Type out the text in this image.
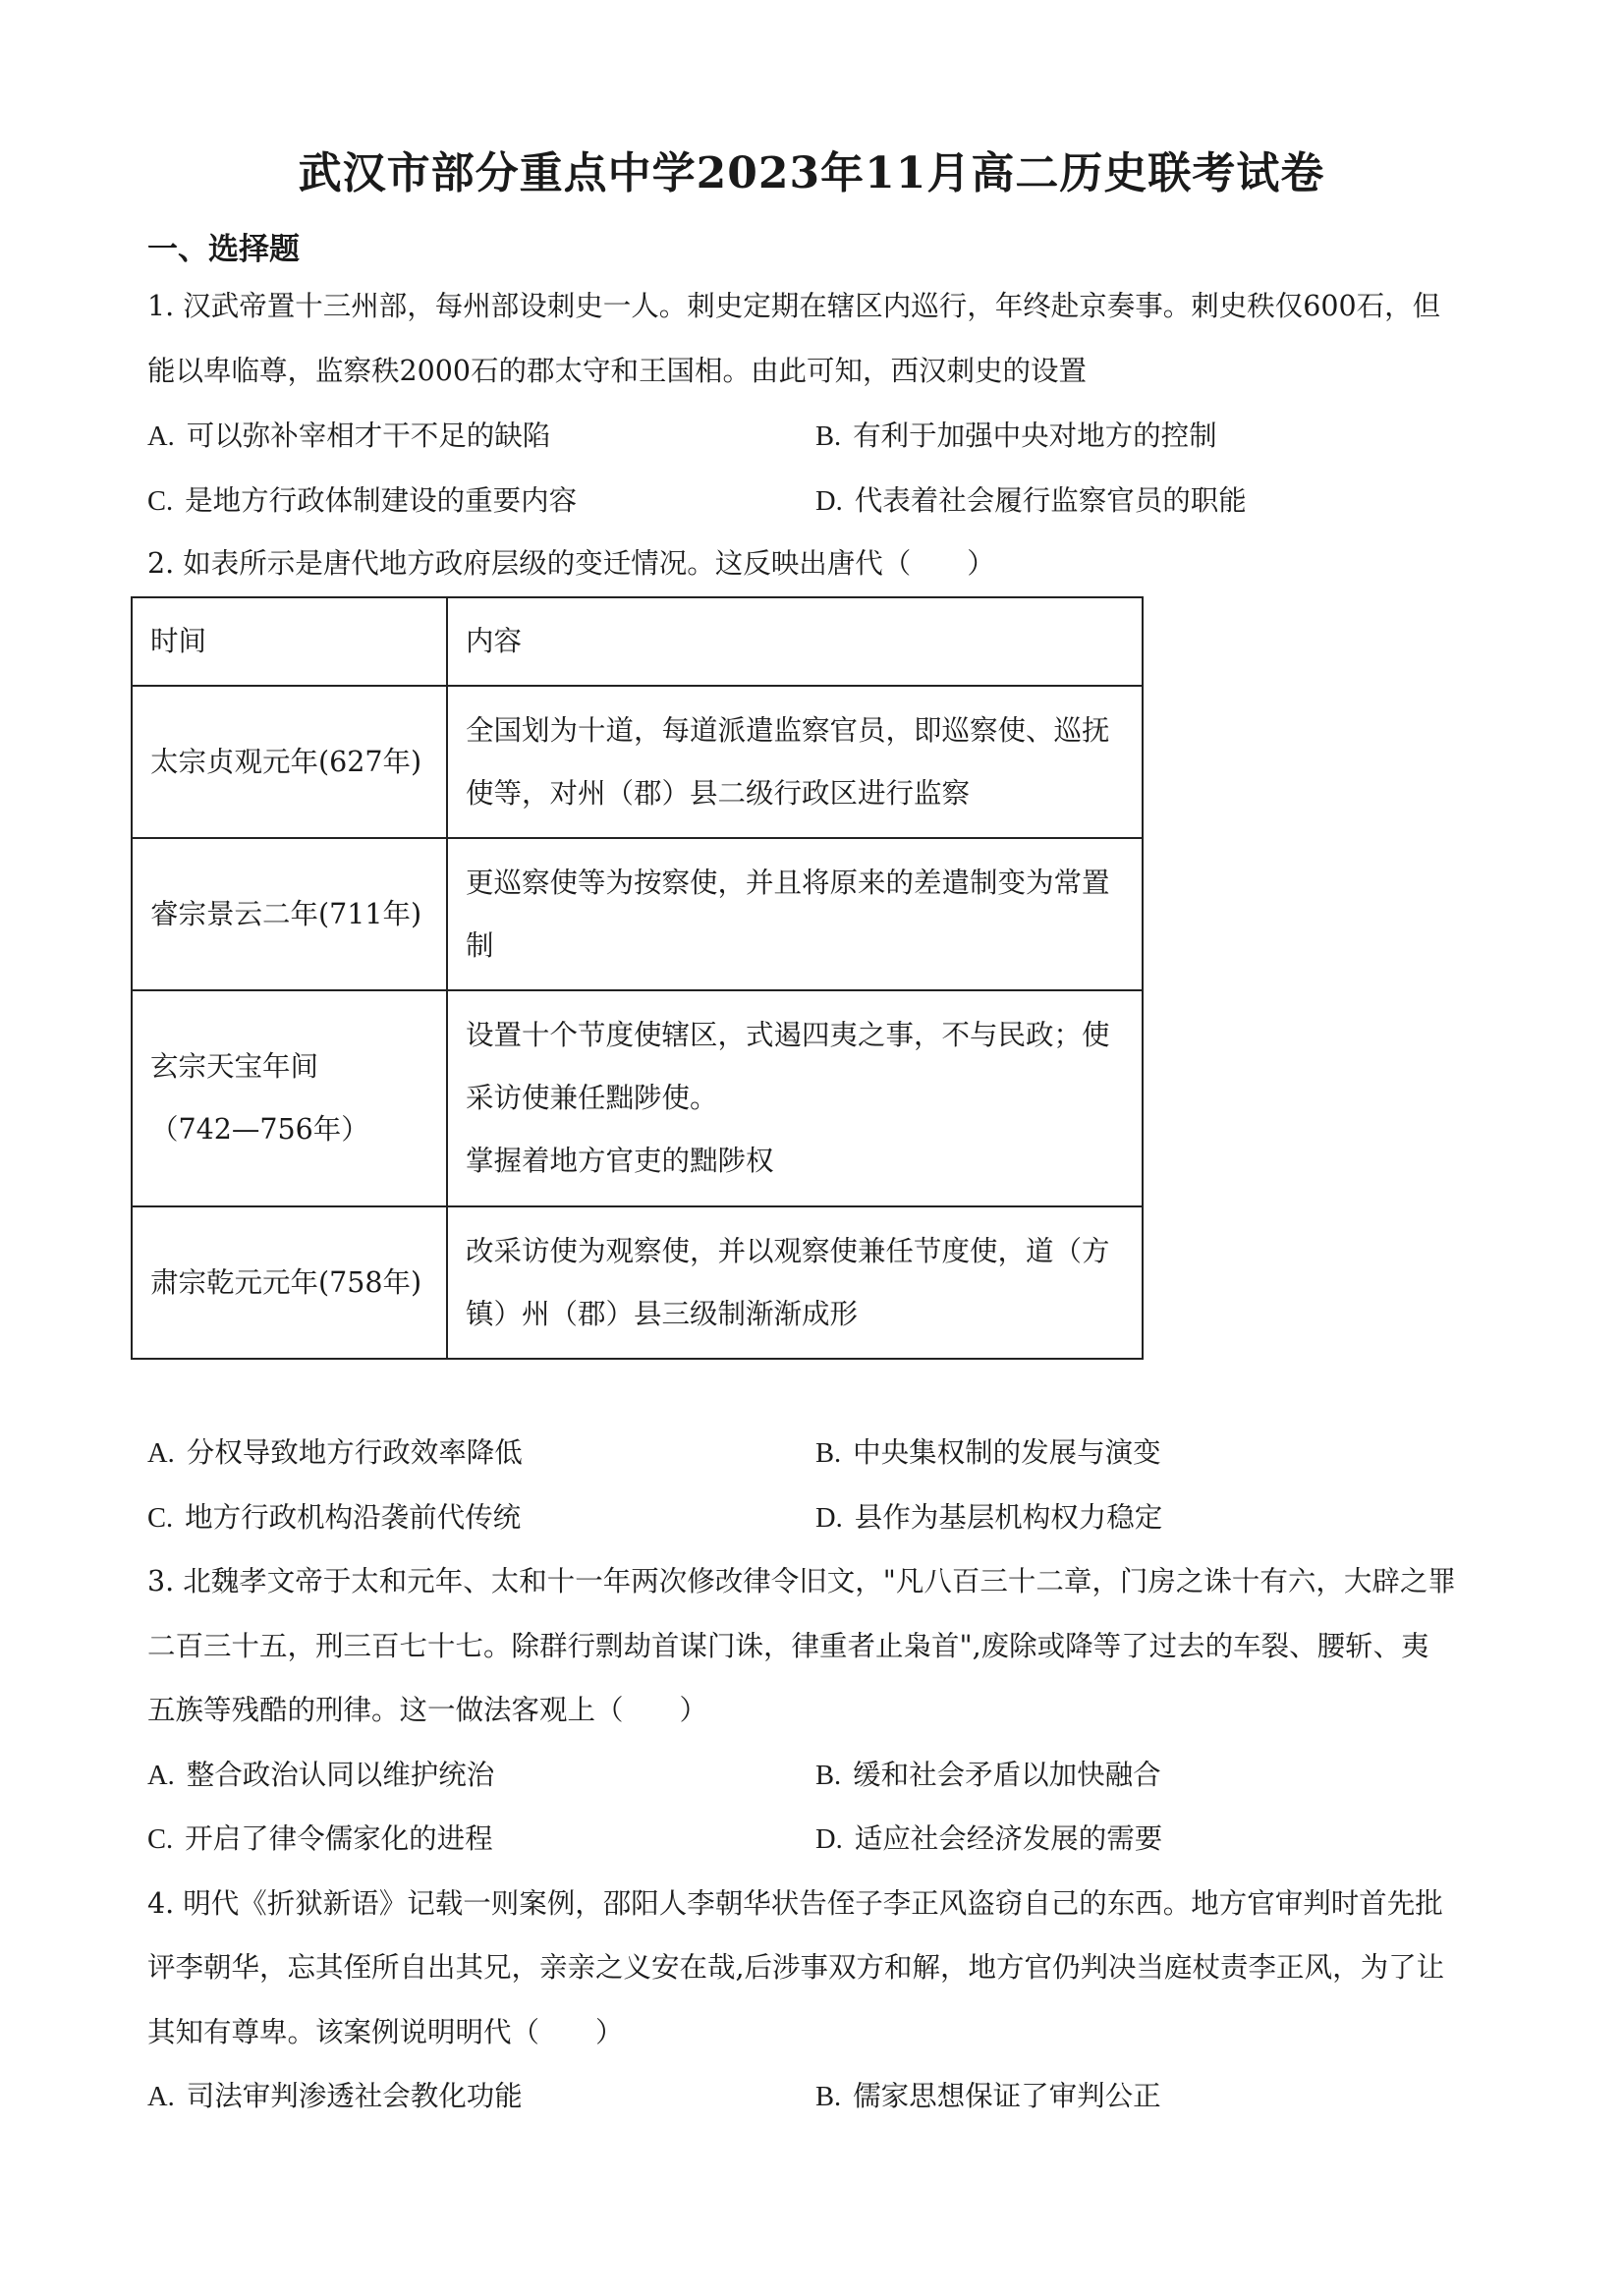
武汉市部分重点中学2023年11月高二历史联考试卷
一、选择题
1. 汉武帝置十三州部，每州部设刺史一人。刺史定期在辖区内巡行，年终赴京奏事。刺史秩仅600石，但
能以卑临尊，监察秩2000石的郡太守和王国相。由此可知，西汉刺史的设置
A. 可以弥补宰相才干不足的缺陷	B. 有利于加强中央对地方的控制
C. 是地方行政体制建设的重要内容	D. 代表着社会履行监察官员的职能
2. 如表所示是唐代地方政府层级的变迁情况。这反映出唐代（　　）
时间	内容

太宗贞观元年(627年)	全国划为十道，每道派遣监察官员，即巡察使、巡抚
使等，对州（郡）县二级行政区进行监察

睿宗景云二年(711年)	更巡察使等为按察使，并且将原来的差遣制变为常置
制

玄宗天宝年间
（742—756年）	设置十个节度使辖区，式遏四夷之事，不与民政；使
采访使兼任黜陟使。
掌握着地方官吏的黜陟权

肃宗乾元元年(758年)	改采访使为观察使，并以观察使兼任节度使，道（方
镇）州（郡）县三级制渐渐成形
A. 分权导致地方行政效率降低	B. 中央集权制的发展与演变
C. 地方行政机构沿袭前代传统	D. 县作为基层机构权力稳定
3. 北魏孝文帝于太和元年、太和十一年两次修改律令旧文，"凡八百三十二章，门房之诛十有六，大辟之罪
二百三十五，刑三百七十七。除群行剽劫首谋门诛，律重者止枭首",废除或降等了过去的车裂、腰斩、夷
五族等残酷的刑律。这一做法客观上（　　）
A. 整合政治认同以维护统治	B. 缓和社会矛盾以加快融合
C. 开启了律令儒家化的进程	D. 适应社会经济发展的需要
4. 明代《折狱新语》记载一则案例，邵阳人李朝华状告侄子李正风盗窃自己的东西。地方官审判时首先批
评李朝华，忘其侄所自出其兄，亲亲之义安在哉,后涉事双方和解，地方官仍判决当庭杖责李正风，为了让
其知有尊卑。该案例说明明代（　　）
A. 司法审判渗透社会教化功能	B. 儒家思想保证了审判公正
